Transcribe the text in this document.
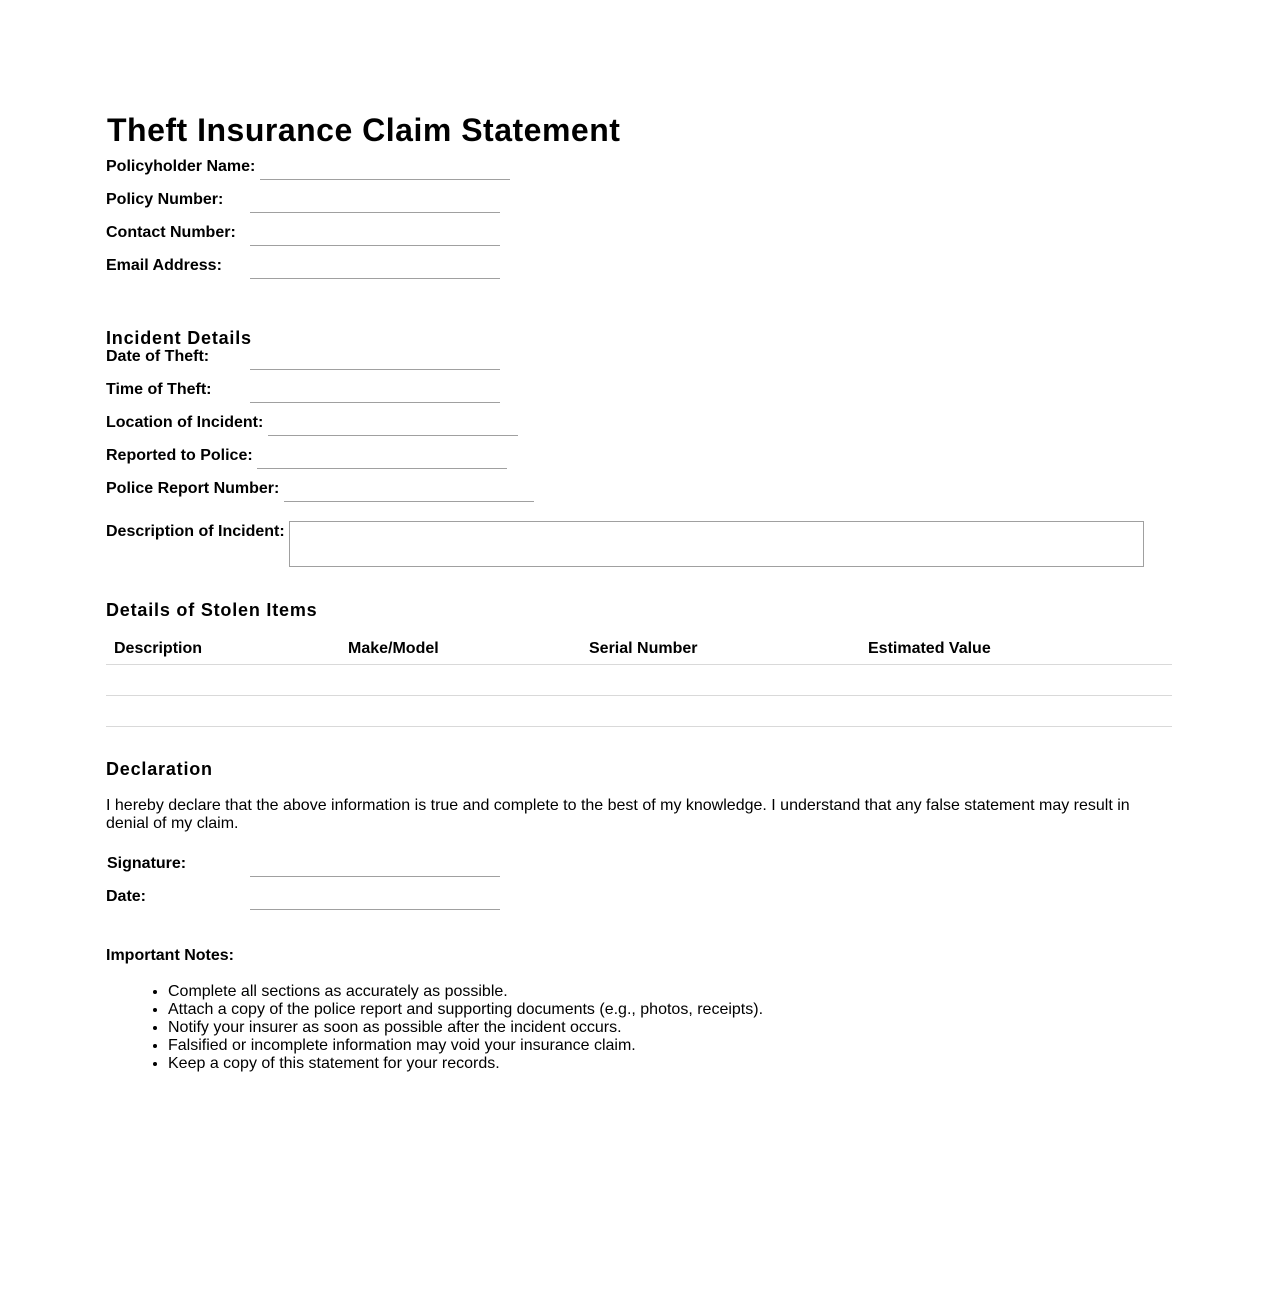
Theft Insurance Claim Statement
Policyholder Name:
Policy Number:
Contact Number:
Email Address:
Incident Details
Date of Theft:
Time of Theft:
Location of Incident:
Reported to Police:
Police Report Number:
Description of Incident:
Details of Stolen Items
Description	Make/Model	Serial Number	Estimated Value

Declaration

I hereby declare that the above information is true and complete to the best of my knowledge. I understand that any false statement may result in denial of my claim.

Signature:
Date:

Important Notes:

• Complete all sections as accurately as possible.
• Attach a copy of the police report and supporting documents (e.g., photos, receipts).
• Notify your insurer as soon as possible after the incident occurs.
• Falsified or incomplete information may void your insurance claim.
• Keep a copy of this statement for your records.
